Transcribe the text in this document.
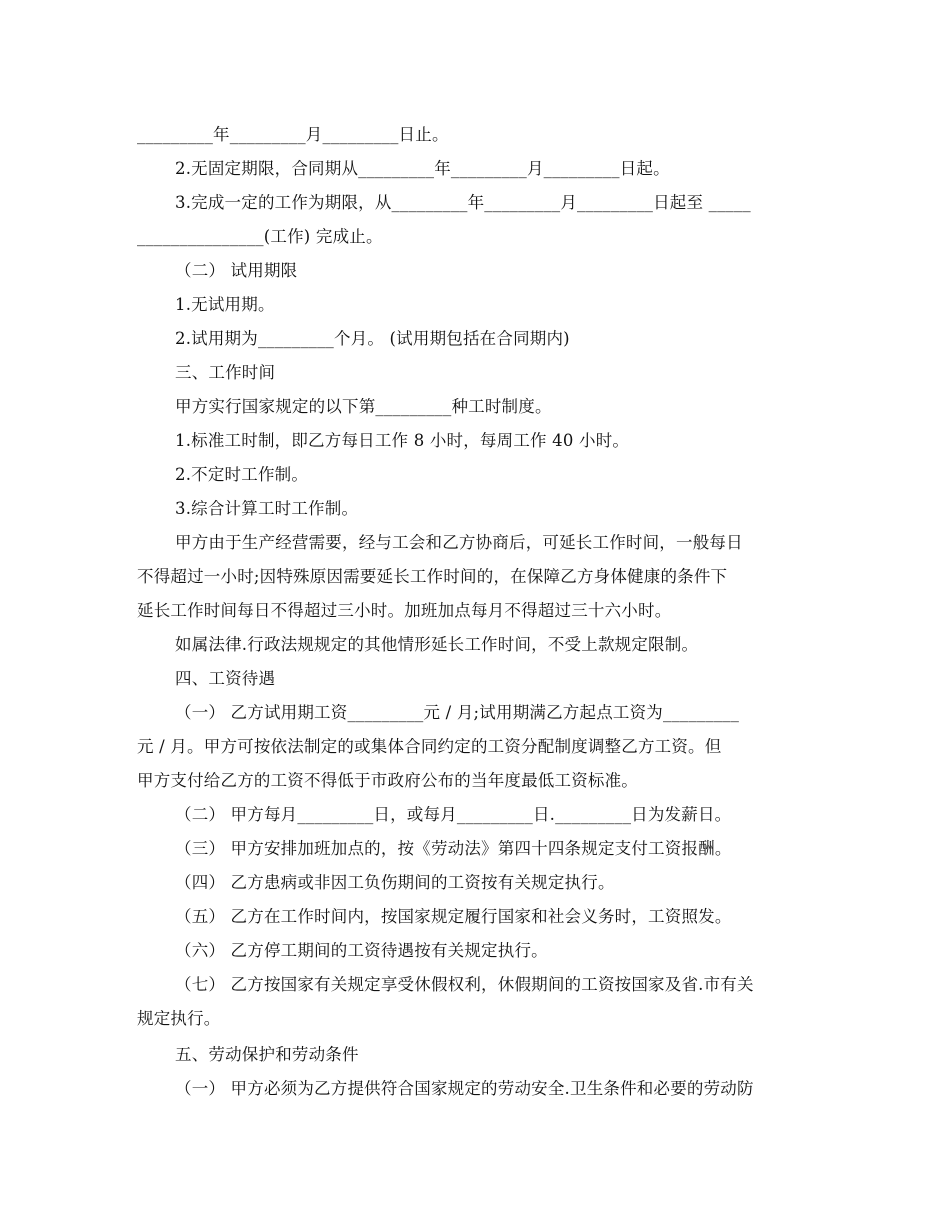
_________年_________月_________日止。
2.无固定期限，合同期从_________年_________月_________日起。
3.完成一定的工作为期限，从_________年_________月_________日起至 _____
_______________(工作) 完成止。
（二） 试用期限
1.无试用期。
2.试用期为_________个月。 (试用期包括在合同期内)
三、工作时间
甲方实行国家规定的以下第_________种工时制度。
1.标准工时制，即乙方每日工作 8 小时，每周工作 40 小时。
2.不定时工作制。
3.综合计算工时工作制。
甲方由于生产经营需要，经与工会和乙方协商后，可延长工作时间，一般每日
不得超过一小时;因特殊原因需要延长工作时间的，在保障乙方身体健康的条件下
延长工作时间每日不得超过三小时。加班加点每月不得超过三十六小时。
如属法律.行政法规规定的其他情形延长工作时间，不受上款规定限制。
四、工资待遇
（一） 乙方试用期工资_________元 / 月;试用期满乙方起点工资为_________
元 / 月。甲方可按依法制定的或集体合同约定的工资分配制度调整乙方工资。但
甲方支付给乙方的工资不得低于市政府公布的当年度最低工资标准。
（二） 甲方每月_________日，或每月_________日._________日为发薪日。
（三） 甲方安排加班加点的，按《劳动法》第四十四条规定支付工资报酬。
（四） 乙方患病或非因工负伤期间的工资按有关规定执行。
（五） 乙方在工作时间内，按国家规定履行国家和社会义务时，工资照发。
（六） 乙方停工期间的工资待遇按有关规定执行。
（七） 乙方按国家有关规定享受休假权利，休假期间的工资按国家及省.市有关
规定执行。
五、劳动保护和劳动条件
（一） 甲方必须为乙方提供符合国家规定的劳动安全.卫生条件和必要的劳动防
